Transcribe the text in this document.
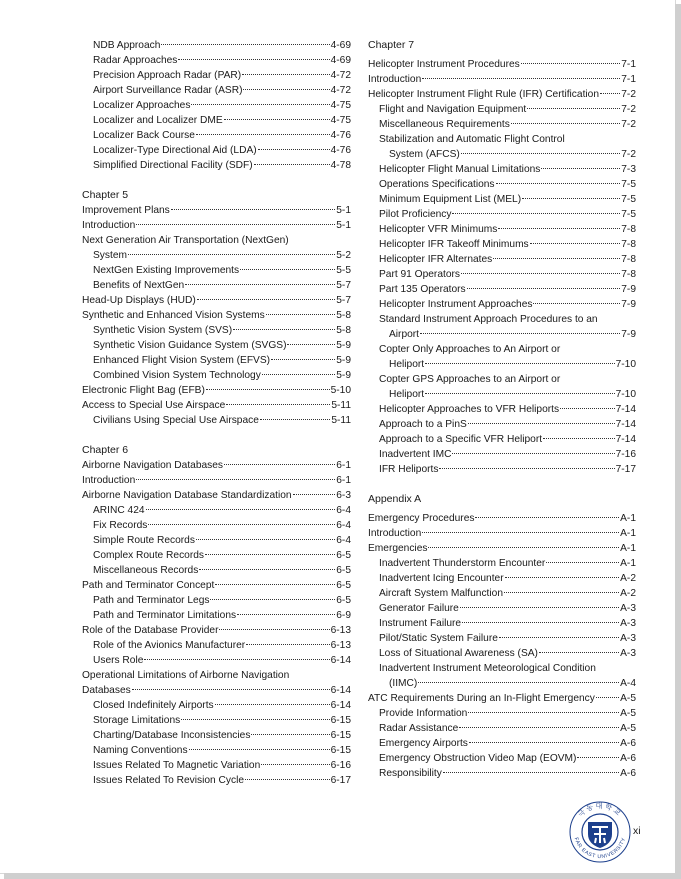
NDB Approach	4-69
Radar Approaches	4-69
Precision Approach Radar (PAR)	4-72
Airport Surveillance Radar (ASR)	4-72
Localizer Approaches	4-75
Localizer and Localizer DME	4-75
Localizer Back Course	4-76
Localizer-Type Directional Aid (LDA)	4-76
Simplified Directional Facility (SDF)	4-78
Chapter 5
Improvement Plans	5-1
Introduction	5-1
Next Generation Air Transportation (NextGen)
System	5-2
NextGen Existing Improvements	5-5
Benefits of NextGen	5-7
Head-Up Displays (HUD)	5-7
Synthetic and Enhanced Vision Systems	5-8
Synthetic Vision System (SVS)	5-8
Synthetic Vision Guidance System (SVGS)	5-9
Enhanced Flight Vision System (EFVS)	5-9
Combined Vision System Technology	5-9
Electronic Flight Bag (EFB)	5-10
Access to Special Use Airspace	5-11
Civilians Using Special Use Airspace	5-11
Chapter 6
Airborne Navigation Databases	6-1
Introduction	6-1
Airborne Navigation Database Standardization	6-3
ARINC 424	6-4
Fix Records	6-4
Simple Route Records	6-4
Complex Route Records	6-5
Miscellaneous Records	6-5
Path and Terminator Concept	6-5
Path and Terminator Legs	6-5
Path and Terminator Limitations	6-9
Role of the Database Provider	6-13
Role of the Avionics Manufacturer	6-13
Users Role	6-14
Operational Limitations of Airborne Navigation
Databases	6-14
Closed Indefinitely Airports	6-14
Storage Limitations	6-15
Charting/Database Inconsistencies	6-15
Naming Conventions	6-15
Issues Related To Magnetic Variation	6-16
Issues Related To Revision Cycle	6-17
Chapter 7
Helicopter Instrument Procedures	7-1
Introduction	7-1
Helicopter Instrument Flight Rule (IFR) Certification 7-2
Flight and Navigation Equipment	7-2
Miscellaneous Requirements	7-2
Stabilization and Automatic Flight Control
System (AFCS)	7-2
Helicopter Flight Manual Limitations	7-3
Operations Specifications	7-5
Minimum Equipment List (MEL)	7-5
Pilot Proficiency	7-5
Helicopter VFR Minimums	7-8
Helicopter IFR Takeoff Minimums	7-8
Helicopter IFR Alternates	7-8
Part 91 Operators	7-8
Part 135 Operators	7-9
Helicopter Instrument Approaches	7-9
Standard Instrument Approach Procedures to an
Airport	7-9
Copter Only Approaches to An Airport or
Heliport	7-10
Copter GPS Approaches to an Airport or
Heliport	7-10
Helicopter Approaches to VFR Heliports	7-14
Approach to a PinS	7-14
Approach to a Specific VFR Heliport	7-14
Inadvertent IMC	7-16
IFR Heliports	7-17
Appendix A
Emergency Procedures	A-1
Introduction	A-1
Emergencies	A-1
Inadvertent Thunderstorm Encounter	A-1
Inadvertent Icing Encounter	A-2
Aircraft System Malfunction	A-2
Generator Failure	A-3
Instrument Failure	A-3
Pilot/Static System Failure	A-3
Loss of Situational Awareness (SA)	A-3
Inadvertent Instrument Meteorological Condition
(IIMC)	A-4
ATC Requirements During an In-Flight Emergency A-5
Provide Information	A-5
Radar Assistance	A-5
Emergency Airports	A-6
Emergency Obstruction Video Map (EOVM)	A-6
Responsibility	A-6
극동대학교
FAR EAST UNIVERSITY
xi
